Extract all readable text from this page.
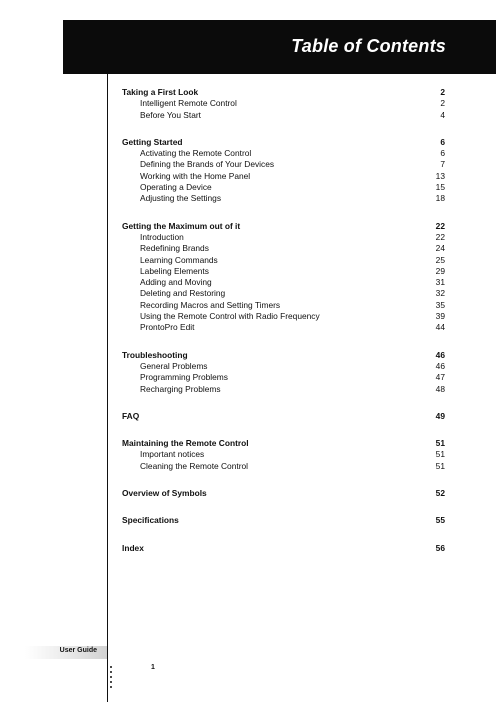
Table of Contents
Taking a First Look	2
Intelligent Remote Control	2
Before You Start	4
Getting Started	6
Activating the Remote Control	6
Defining the Brands of Your Devices	7
Working with the Home Panel	13
Operating a Device	15
Adjusting the Settings	18
Getting the Maximum out of it	22
Introduction	22
Redefining Brands	24
Learning Commands	25
Labeling Elements	29
Adding and Moving	31
Deleting and Restoring	32
Recording Macros and Setting Timers	35
Using the Remote Control with Radio Frequency	39
ProntoPro Edit	44
Troubleshooting	46
General Problems	46
Programming Problems	47
Recharging Problems	48
FAQ	49
Maintaining the Remote Control	51
Important notices	51
Cleaning the Remote Control	51
Overview of Symbols	52
Specifications	55
Index	56
User Guide
1
